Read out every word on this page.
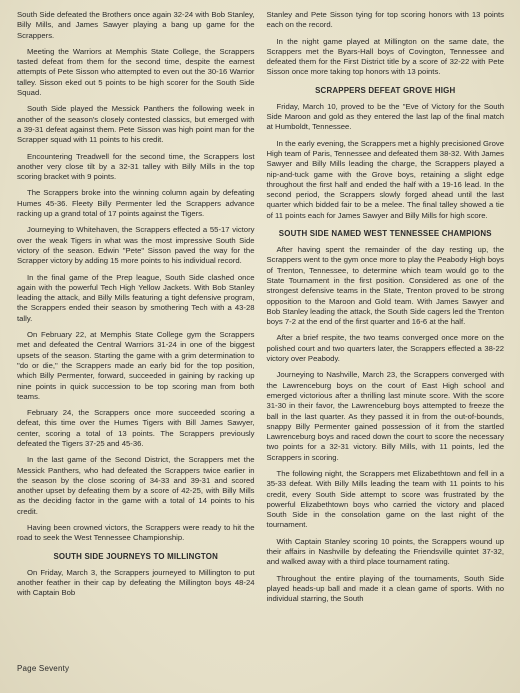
South Side defeated the Brothers once again 32-24 with Bob Stanley, Billy Mills, and James Sawyer playing a bang up game for the Scrappers.

Meeting the Warriors at Memphis State College, the Scrappers tasted defeat from them for the second time, despite the earnest attempts of Pete Sisson who attempted to even out the 30-16 Warrior talley. Sisson eked out 5 points to be high scorer for the South Side Squad.

South Side played the Messick Panthers the following week in another of the season's closely contested classics, but emerged with a 39-31 defeat against them. Pete Sisson was high point man for the Scrapper squad with 11 points to his credit.

Encountering Treadwell for the second time, the Scrappers lost another very close tilt by a 32-31 talley with Billy Mills in the top scoring bracket with 9 points.

The Scrappers broke into the winning column again by defeating Humes 45-36. Fleety Billy Permenter led the Scrappers advance racking up a grand total of 17 points against the Tigers.

Journeying to Whitehaven, the Scrappers effected a 55-17 victory over the weak Tigers in what was the most impressive South Side victory of the season. Edwin "Pete" Sisson paved the way for the Scrapper victory by adding 15 more points to his individual record.

In the final game of the Prep league, South Side clashed once again with the powerful Tech High Yellow Jackets. With Bob Stanley leading the attack, and Billy Mills featuring a tight defensive program, the Scrappers ended their season by smothering Tech with a 43-28 tally.

On February 22, at Memphis State College gym the Scrappers met and defeated the Central Warriors 31-24 in one of the biggest upsets of the season. Starting the game with a grim determination to "do or die," the Scrappers made an early bid for the top position, which Billy Permenter, forward, succeeded in gaining by racking up nine points in quick succession to be top scoring man from both teams.

February 24, the Scrappers once more succeeded scoring a defeat, this time over the Humes Tigers with Bill James Sawyer, center, scoring a total of 13 points. The Scrappers previously defeated the Tigers 37-25 and 45-36.

In the last game of the Second District, the Scrappers met the Messick Panthers, who had defeated the Scrappers twice earlier in the season by the close scoring of 34-33 and 39-31 and scored another upset by defeating them by a score of 42-25, with Billy Mills as the deciding factor in the game with a total of 14 points to his credit.

Having been crowned victors, the Scrappers were ready to hit the road to seek the West Tennessee Championship.

SOUTH SIDE JOURNEYS TO MILLINGTON

On Friday, March 3, the Scrappers journeyed to Millington to put another feather in their cap by defeating the Millington boys 48-24 with Captain Bob

Stanley and Pete Sisson tying for top scoring honors with 13 points each on the record.

In the night game played at Millington on the same date, the Scrappers met the Byars-Hall boys of Covington, Tennessee and defeated them for the First District title by a score of 32-22 with Pete Sisson once more taking top honors with 13 points.

SCRAPPERS DEFEAT GROVE HIGH

Friday, March 10, proved to be the "Eve of Victory for the South Side Maroon and gold as they entered the last lap of the final match at Humboldt, Tennessee.

In the early evening, the Scrappers met a highly precisioned Grove High team of Paris, Tennessee and defeated them 38-32. With James Sawyer and Billy Mills leading the charge, the Scrappers played a nip-and-tuck game with the Grove boys, retaining a slight edge throughout the first half and ended the half with a 19-16 lead. In the second period, the Scrappers slowly forged ahead until the last quarter which bidded fair to be a melee. The final talley showed a tie of 11 points each for James Sawyer and Billy Mills for high score.

SOUTH SIDE NAMED WEST TENNESSEE CHAMPIONS

After having spent the remainder of the day resting up, the Scrappers went to the gym once more to play the Peabody High boys of Trenton, Tennessee, to determine which team would go to the State Tournament in the first position. Considered as one of the strongest defensive teams in the State, Trenton proved to be strong opposition to the Maroon and Gold team. With James Sawyer and Bob Stanley leading the attack, the South Side cagers led the Trenton boys 7-2 at the end of the first quarter and 16-6 at the half.

After a brief respite, the two teams converged once more on the polished court and two quarters later, the Scrappers effected a 38-22 victory over Peabody.

Journeying to Nashville, March 23, the Scrappers converged with the Lawrenceburg boys on the court of East High school and emerged victorious after a thrilling last minute score. With the score 31-30 in their favor, the Lawrenceburg boys attempted to freeze the ball in the last quarter. As they passed it in from the out-of-bounds, snappy Billy Permenter gained possession of it from the startled Lawrenceburg boys and raced down the court to score the necessary two points for a 32-31 victory. Billy Mills, with 11 points, led the Scrappers in scoring.

The following night, the Scrappers met Elizabethtown and fell in a 35-33 defeat. With Billy Mills leading the team with 11 points to his credit, every South Side attempt to score was frustrated by the powerful Elizabethtown boys who carried the victory and placed South Side in the consolation game on the last night of the tournament.

With Captain Stanley scoring 10 points, the Scrappers wound up their affairs in Nashville by defeating the Friendsville quintet 37-32, and walked away with a third place tournament rating.

Throughout the entire playing of the tournaments, South Side played heads-up ball and made it a clean game of sports. With no individual starring, the South

Page Seventy
